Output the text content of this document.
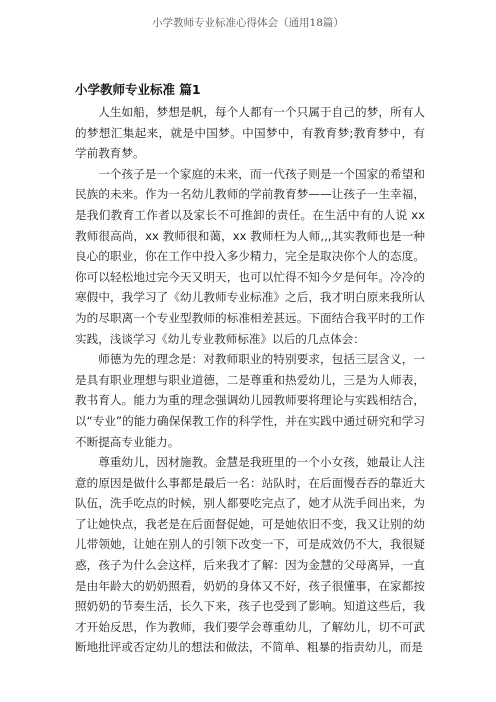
小学教师专业标准心得体会（通用18篇）
小学教师专业标准 篇1

人生如船，梦想是帆，每个人都有一个只属于自己的梦，所有人的梦想汇集起来，就是中国梦。中国梦中，有教育梦;教育梦中，有学前教育梦。

一个孩子是一个家庭的未来，而一代孩子则是一个国家的希望和民族的未来。作为一名幼儿教师的学前教育梦——让孩子一生幸福，是我们教育工作者以及家长不可推卸的责任。在生活中有的人说 xx 教师很高尚，xx 教师很和蔼，xx 教师枉为人师,,,其实教师也是一种良心的职业，你在工作中投入多少精力，完全是取决你个人的态度。你可以轻松地过完今天又明天，也可以忙得不知今夕是何年。冷冷的寒假中，我学习了《幼儿教师专业标准》之后，我才明白原来我所认为的尽职离一个专业型教师的标准相差甚远。下面结合我平时的工作实践，浅谈学习《幼儿专业教师标准》以后的几点体会：

师德为先的理念是：对教师职业的特别要求，包括三层含义，一是具有职业理想与职业道德，二是尊重和热爱幼儿，三是为人师表，教书育人。能力为重的理念强调幼儿园教师要将理论与实践相结合，以“专业”的能力确保保教工作的科学性，并在实践中通过研究和学习不断提高专业能力。

尊重幼儿，因材施教。金慧是我班里的一个小女孩，她最让人注意的原因是做什么事都是最后一名：站队时，在后面慢吞吞的靠近大队伍，洗手吃点的时候，别人都要吃完点了，她才从洗手间出来，为了让她快点，我老是在后面督促她，可是她依旧不变，我又让别的幼儿带领她，让她在别人的引领下改变一下，可是成效仍不大，我很疑惑，孩子为什么会这样，后来我才了解：因为金慧的父母离异，一直是由年龄大的奶奶照看，奶奶的身体又不好，孩子很懂事，在家都按照奶奶的节奏生活，长久下来，孩子也受到了影响。知道这些后，我才开始反思，作为教师，我们要学会尊重幼儿，了解幼儿，切不可武断地批评或否定幼儿的想法和做法，不简单、粗暴的指责幼儿，而是
